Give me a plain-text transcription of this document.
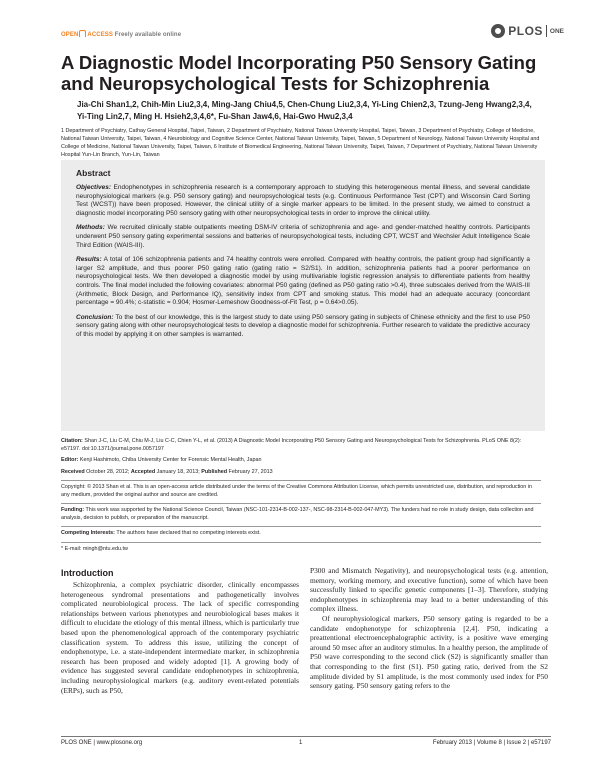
OPEN ACCESS Freely available online	PLOS ONE
A Diagnostic Model Incorporating P50 Sensory Gating and Neuropsychological Tests for Schizophrenia
Jia-Chi Shan1,2, Chih-Min Liu2,3,4, Ming-Jang Chiu4,5, Chen-Chung Liu2,3,4, Yi-Ling Chien2,3, Tzung-Jeng Hwang2,3,4, Yi-Ting Lin2,7, Ming H. Hsieh2,3,4,6*, Fu-Shan Jaw4,6, Hai-Gwo Hwu2,3,4
1 Department of Psychiatry, Cathay General Hospital, Taipei, Taiwan, 2 Department of Psychiatry, National Taiwan University Hospital, Taipei, Taiwan, 3 Department of Psychiatry, College of Medicine, National Taiwan University, Taipei, Taiwan, 4 Neurobiology and Cognitive Science Center, National Taiwan University, Taipei, Taiwan, 5 Department of Neurology, National Taiwan University Hospital and College of Medicine, National Taiwan University, Taipei, Taiwan, 6 Institute of Biomedical Engineering, National Taiwan University, Taipei, Taiwan, 7 Department of Psychiatry, National Taiwan University Hospital Yun-Lin Branch, Yun-Lin, Taiwan
Abstract

Objectives: Endophenotypes in schizophrenia research is a contemporary approach to studying this heterogeneous mental illness, and several candidate neurophysiological markers (e.g. P50 sensory gating) and neuropsychological tests (e.g. Continuous Performance Test (CPT) and Wisconsin Card Sorting Test (WCST)) have been proposed. However, the clinical utility of a single marker appears to be limited. In the present study, we aimed to construct a diagnostic model incorporating P50 sensory gating with other neuropsychological tests in order to improve the clinical utility.

Methods: We recruited clinically stable outpatients meeting DSM-IV criteria of schizophrenia and age- and gender-matched healthy controls. Participants underwent P50 sensory gating experimental sessions and batteries of neuropsychological tests, including CPT, WCST and Wechsler Adult Intelligence Scale Third Edition (WAIS-III).

Results: A total of 106 schizophrenia patients and 74 healthy controls were enrolled. Compared with healthy controls, the patient group had significantly a larger S2 amplitude, and thus poorer P50 gating ratio (gating ratio = S2/S1). In addition, schizophrenia patients had a poorer performance on neuropsychological tests. We then developed a diagnostic model by using multivariable logistic regression analysis to differentiate patients from healthy controls. The final model included the following covariates: abnormal P50 gating (defined as P50 gating ratio >0.4), three subscales derived from the WAIS-III (Arithmetic, Block Design, and Performance IQ), sensitivity index from CPT and smoking status. This model had an adequate accuracy (concordant percentage = 90.4%; c-statistic = 0.904; Hosmer-Lemeshow Goodness-of-Fit Test, p = 0.64>0.05).

Conclusion: To the best of our knowledge, this is the largest study to date using P50 sensory gating in subjects of Chinese ethnicity and the first to use P50 sensory gating along with other neuropsychological tests to develop a diagnostic model for schizophrenia. Further research to validate the predictive accuracy of this model by applying it on other samples is warranted.

Citation: Shan J-C, Liu C-M, Chiu M-J, Liu C-C, Chien Y-L, et al. (2013) A Diagnostic Model Incorporating P50 Sensory Gating and Neuropsychological Tests for Schizophrenia. PLoS ONE 8(2): e57197. doi:10.1371/journal.pone.0057197

Editor: Kenji Hashimoto, Chiba University Center for Forensic Mental Health, Japan

Received October 28, 2012; Accepted January 18, 2013; Published February 27, 2013

Copyright: © 2013 Shan et al. This is an open-access article distributed under the terms of the Creative Commons Attribution License, which permits unrestricted use, distribution, and reproduction in any medium, provided the original author and source are credited.

Funding: This work was supported by the National Science Council, Taiwan (NSC-101-2314-B-002-137-, NSC-98-2314-B-002-047-MY3). The funders had no role in study design, data collection and analysis, decision to publish, or preparation of the manuscript.

Competing Interests: The authors have declared that no competing interests exist.

* E-mail: mingh@ntu.edu.tw

Introduction

Schizophrenia, a complex psychiatric disorder, clinically encompasses heterogeneous syndromal presentations and pathogenetically involves complicated neurobiological process. The lack of specific corresponding relationships between various phenotypes and neurobiological bases makes it difficult to elucidate the etiology of this mental illness, which is particularly true based upon the phenomenological approach of the contemporary psychiatric classification system. To address this issue, utilizing the concept of endophenotype, i.e. a state-independent intermediate marker, in schizophrenia research has been proposed and widely adopted [1]. A growing body of evidence has suggested several candidate endophenotypes in schizophrenia, including neurophysiological markers (e.g. auditory event-related potentials (ERPs), such as P50,

P300 and Mismatch Negativity), and neuropsychological tests (e.g. attention, memory, working memory, and executive function), some of which have been successfully linked to specific genetic components [1–3]. Therefore, studying endophenotypes in schizophrenia may lead to a better understanding of this complex illness.

Of neurophysiological markers, P50 sensory gating is regarded to be a candidate endophenotype for schizophrenia [2,4]. P50, indicating a preattentional electroencephalographic activity, is a positive wave emerging around 50 msec after an auditory stimulus. In a healthy person, the amplitude of P50 wave corresponding to the second click (S2) is significantly smaller than that corresponding to the first (S1). P50 gating ratio, derived from the S2 amplitude divided by S1 amplitude, is the most commonly used index for P50 sensory gating. P50 sensory gating refers to the

PLOS ONE | www.plosone.org	1	February 2013 | Volume 8 | Issue 2 | e57197
